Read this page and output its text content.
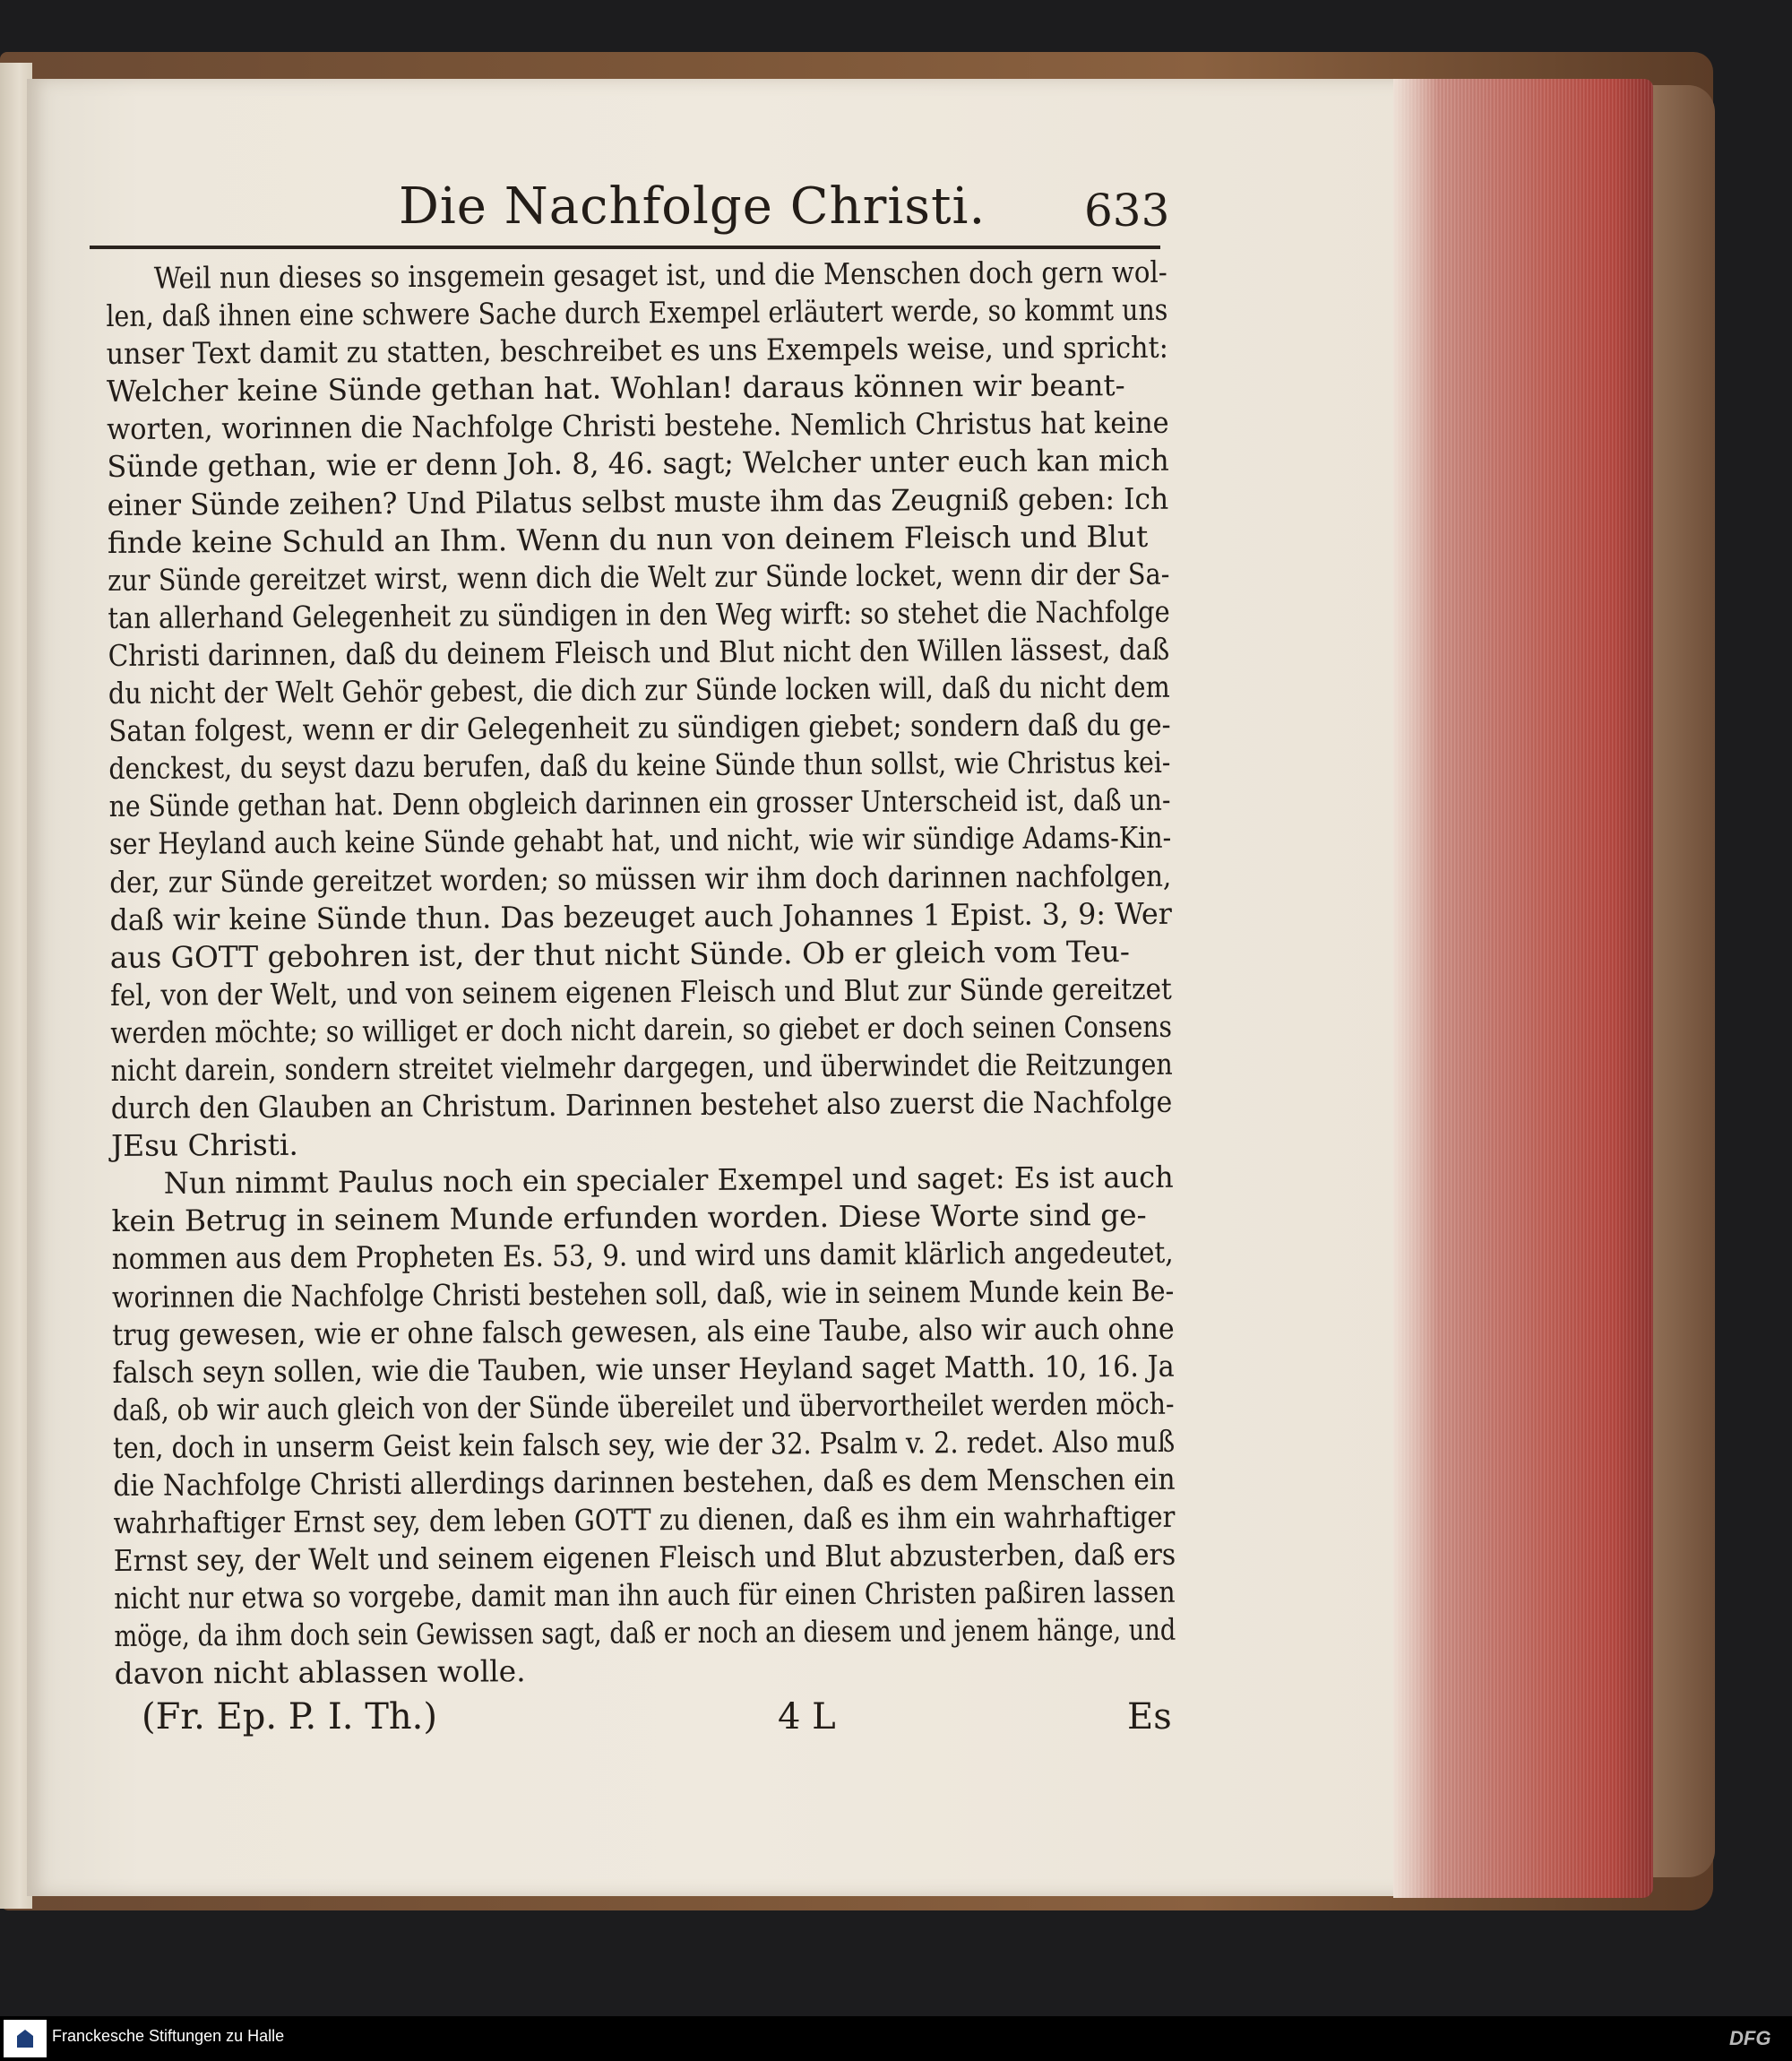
Die Nachfolge Christi. 633
Weil nun dieses so insgemein gesaget ist, und die Menschen doch gern wol-
len, daß ihnen eine schwere Sache durch Exempel erläutert werde, so kommt uns
unser Text damit zu statten, beschreibet es uns Exempels weise, und spricht:
Welcher keine Sünde gethan hat. Wohlan! daraus können wir beant-
worten, worinnen die Nachfolge Christi bestehe. Nemlich Christus hat keine
Sünde gethan, wie er denn Joh. 8, 46. sagt; Welcher unter euch kan mich
einer Sünde zeihen? Und Pilatus selbst muste ihm das Zeugniß geben: Ich
finde keine Schuld an Ihm. Wenn du nun von deinem Fleisch und Blut
zur Sünde gereitzet wirst, wenn dich die Welt zur Sünde locket, wenn dir der Sa-
tan allerhand Gelegenheit zu sündigen in den Weg wirft: so stehet die Nachfolge
Christi darinnen, daß du deinem Fleisch und Blut nicht den Willen lässest, daß
du nicht der Welt Gehör gebest, die dich zur Sünde locken will, daß du nicht dem
Satan folgest, wenn er dir Gelegenheit zu sündigen giebet; sondern daß du ge-
denckest, du seyst dazu berufen, daß du keine Sünde thun sollst, wie Christus kei-
ne Sünde gethan hat. Denn obgleich darinnen ein grosser Unterscheid ist, daß un-
ser Heyland auch keine Sünde gehabt hat, und nicht, wie wir sündige Adams-Kin-
der, zur Sünde gereitzet worden; so müssen wir ihm doch darinnen nachfolgen,
daß wir keine Sünde thun. Das bezeuget auch Johannes 1 Epist. 3, 9: Wer
aus GOTT gebohren ist, der thut nicht Sünde. Ob er gleich vom Teu-
fel, von der Welt, und von seinem eigenen Fleisch und Blut zur Sünde gereitzet
werden möchte; so williget er doch nicht darein, so giebet er doch seinen Consens
nicht darein, sondern streitet vielmehr dargegen, und überwindet die Reitzungen
durch den Glauben an Christum. Darinnen bestehet also zuerst die Nachfolge
JEsu Christi.
Nun nimmt Paulus noch ein specialer Exempel und saget: Es ist auch
kein Betrug in seinem Munde erfunden worden. Diese Worte sind ge-
nommen aus dem Propheten Es. 53, 9. und wird uns damit klärlich angedeutet,
worinnen die Nachfolge Christi bestehen soll, daß, wie in seinem Munde kein Be-
trug gewesen, wie er ohne falsch gewesen, als eine Taube, also wir auch ohne
falsch seyn sollen, wie die Tauben, wie unser Heyland saget Matth. 10, 16. Ja
daß, ob wir auch gleich von der Sünde übereilet und übervortheilet werden möch-
ten, doch in unserm Geist kein falsch sey, wie der 32. Psalm v. 2. redet. Also muß
die Nachfolge Christi allerdings darinnen bestehen, daß es dem Menschen ein
wahrhaftiger Ernst sey, dem leben GOTT zu dienen, daß es ihm ein wahrhaftiger
Ernst sey, der Welt und seinem eigenen Fleisch und Blut abzusterben, daß ers
nicht nur etwa so vorgebe, damit man ihn auch für einen Christen paßiren lassen
möge, da ihm doch sein Gewissen sagt, daß er noch an diesem und jenem hänge, und
davon nicht ablassen wolle.
(Fr. Ep. P. I. Th.)	4 L	Es
Franckesche Stiftungen zu Halle	DFG
